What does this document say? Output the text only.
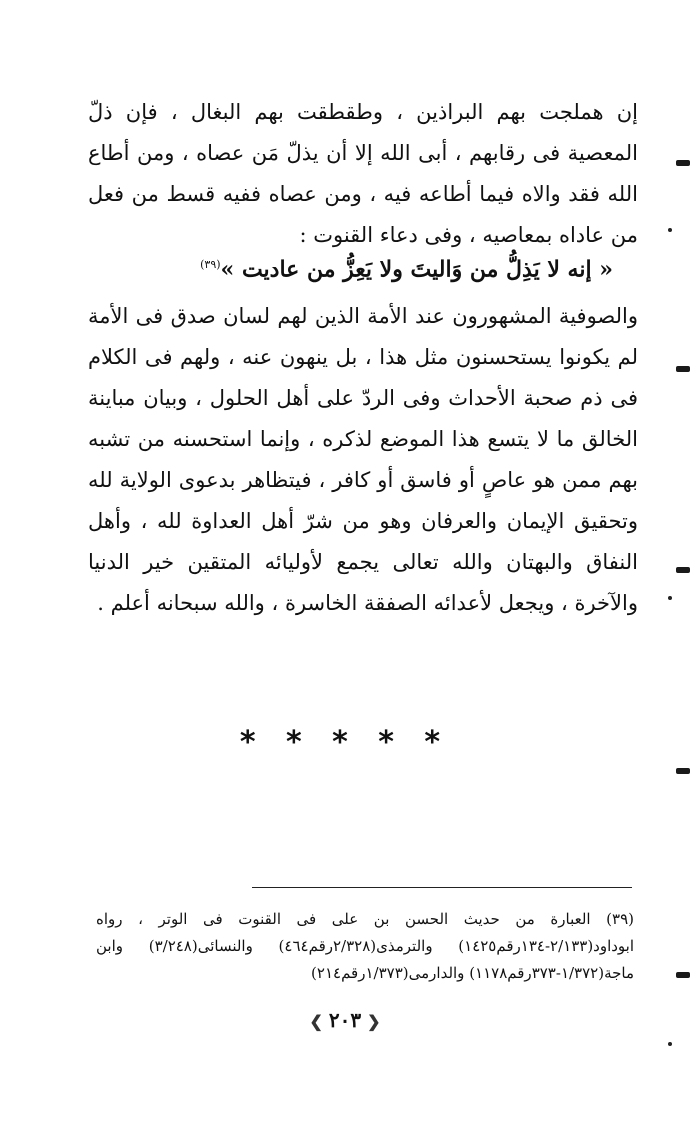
إن هملجت بهم البراذين ، وطقطقت بهم البغال ، فإن ذلّ المعصية فى رقابهم ، أبى الله إلا أن يذلّ مَن عصاه ، ومن أطاع الله فقد والاه فيما أطاعه فيه ، ومن عصاه ففيه قسط من فعل من عاداه بمعاصيه ، وفى دعاء القنوت :

« إنه لا يَذِلُّ من وَاليتَ ولا يَعِزُّ من عاديت »$^{(٣٩)}$

والصوفية المشهورون عند الأمة الذين لهم لسان صدق فى الأمة لم يكونوا يستحسنون مثل هذا ، بل ينهون عنه ، ولهم فى الكلام فى ذم صحبة الأحداث وفى الردّ على أهل الحلول ، وبيان مباينة الخالق ما لا يتسع هذا الموضع لذكره ، وإنما استحسنه من تشبه بهم ممن هو عاصٍ أو فاسق أو كافر ، فيتظاهر بدعوى الولاية لله وتحقيق الإيمان والعرفان وهو من شرّ أهل العداوة لله ، وأهل النفاق والبهتان والله تعالى يجمع لأوليائه المتقين خير الدنيا والآخرة ، ويجعل لأعدائه الصفقة الخاسرة ، والله سبحانه أعلم .

* * * * *

(٣٩) العبارة من حديث الحسن بن على فى القنوت فى الوتر ، رواه ابوداود(٢/١٣٣-١٣٤رقم١٤٢٥) والترمذى(٢/٣٢٨رقم٤٦٤) والنسائى(٣/٢٤٨) وابن ماجة(١/٣٧٢-٣٧٣رقم١١٧٨) والدارمى(١/٣٧٣رقم٢١٤)

❮٢٠٣❯
